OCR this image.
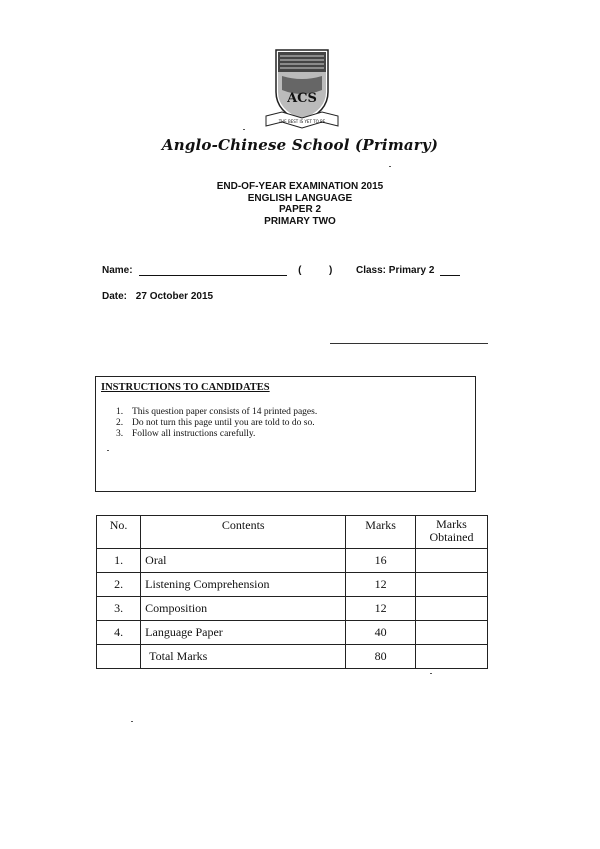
ACS
THE BEST IS YET TO BE
Anglo-Chinese School (Primary)
END-OF-YEAR EXAMINATION 2015
ENGLISH LANGUAGE
PAPER 2
PRIMARY TWO
Name:	(	) Class: Primary 2
Date: 27 October 2015
INSTRUCTIONS TO CANDIDATES
1. This question paper consists of 14 printed pages.
2. Do not turn this page until you are told to do so.
3. Follow all instructions carefully.
No.	Contents	Marks	Marks
Obtained
1.	Oral	16	
2.	Listening Comprehension	12	
3.	Composition	12	
4.	Language Paper	40	
	Total Marks	80	
